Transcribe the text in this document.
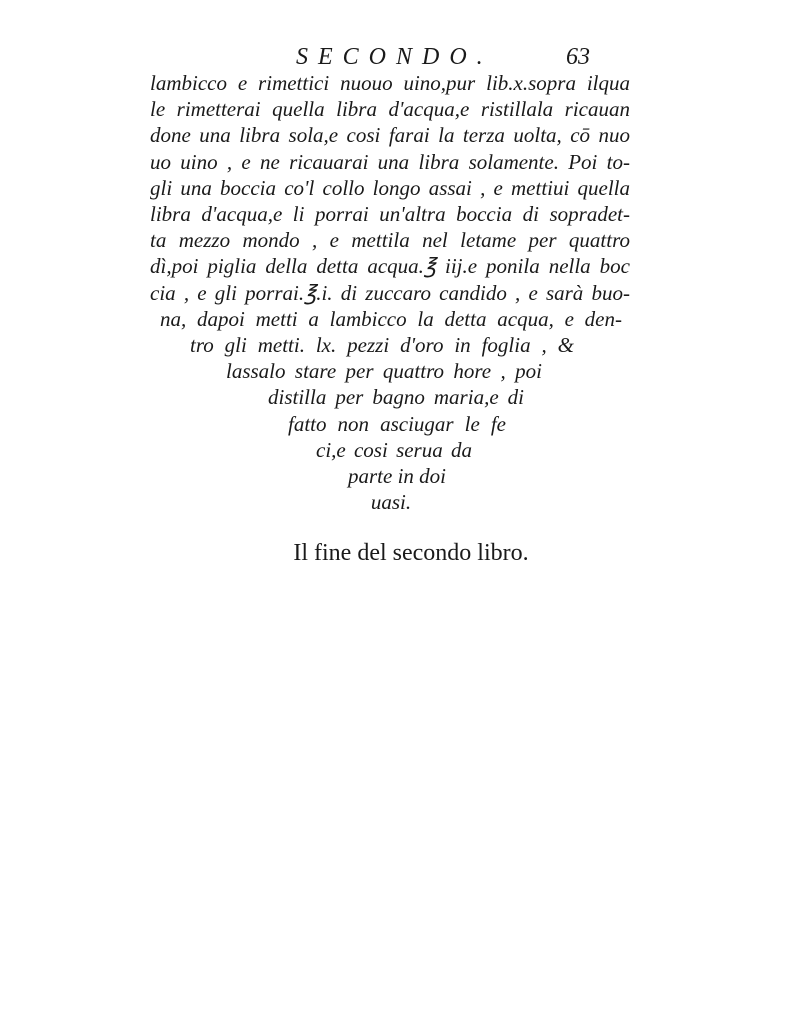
SECONDO.	63
lambicco e rimettici nuouo uino,pur lib.x.sopra ilqua
le rimetterai quella libra d'acqua,e ristillala ricauan
done una libra sola,e cosi farai la terza uolta, cō nuo
uo uino , e ne ricauarai una libra solamente. Poi to-
gli una boccia co'l collo longo assai , e mettiui quella
libra d'acqua,e li porrai un'altra boccia di sopradet-
ta mezzo mondo , e mettila nel letame per quattro
dì,poi piglia della detta acqua.℥ iij.e ponila nella boc
cia , e gli porrai.℥.i. di zuccaro candido , e sarà buo-
na, dapoi metti a lambicco la detta acqua, e den-
tro gli metti. lx. pezzi d'oro in foglia , &
lassalo stare per quattro hore , poi
distilla per bagno maria,e di
fatto non asciugar le fe
ci,e cosi serua da
parte in doi
uasi.
Il fine del secondo libro.
